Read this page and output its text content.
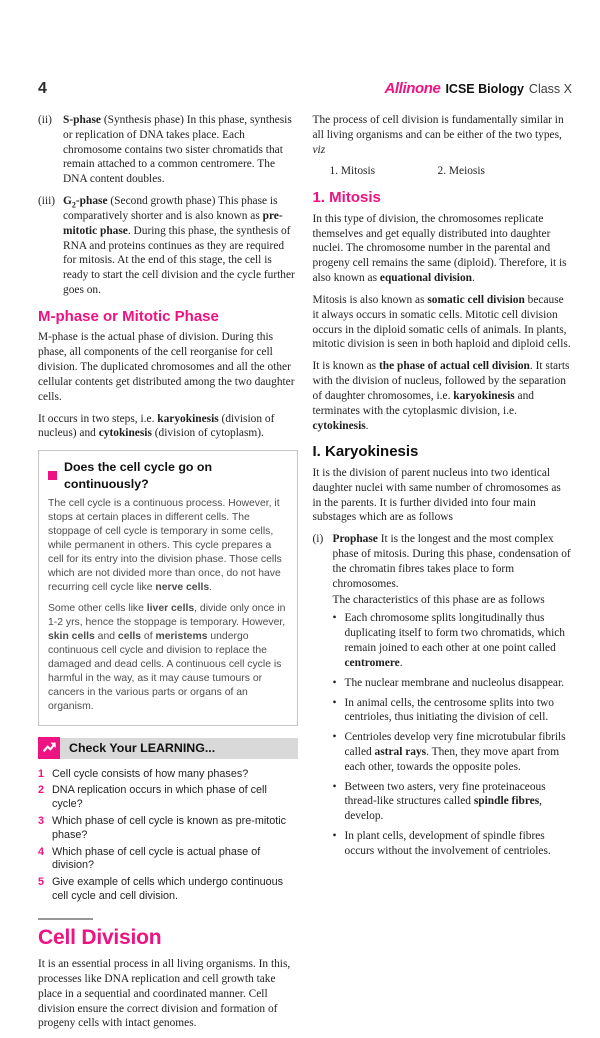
4	Allinone ICSE Biology Class X
(ii) S-phase (Synthesis phase) In this phase, synthesis or replication of DNA takes place. Each chromosome contains two sister chromatids that remain attached to a common centromere. The DNA content doubles.
(iii) $G_2$-phase (Second growth phase) This phase is comparatively shorter and is also known as pre-mitotic phase. During this phase, the synthesis of RNA and proteins continues as they are required for mitosis. At the end of this stage, the cell is ready to start the cell division and the cycle further goes on.
M-phase or Mitotic Phase

M-phase is the actual phase of division. During this phase, all components of the cell reorganise for cell division. The duplicated chromosomes and all the other cellular contents get distributed among the two daughter cells.

It occurs in two steps, i.e. karyokinesis (division of nucleus) and cytokinesis (division of cytoplasm).

Does the cell cycle go on continuously?

The cell cycle is a continuous process. However, it stops at certain places in different cells. The stoppage of cell cycle is temporary in some cells, while permanent in others. This cycle prepares a cell for its entry into the division phase. Those cells which are not divided more than once, do not have recurring cell cycle like nerve cells.

Some other cells like liver cells, divide only once in 1-2 yrs, hence the stoppage is temporary. However, skin cells and cells of meristems undergo continuous cell cycle and division to replace the damaged and dead cells. A continuous cell cycle is harmful in the way, as it may cause tumours or cancers in the various parts or organs of an organism.

Check Your LEARNING...
1 Cell cycle consists of how many phases?
2 DNA replication occurs in which phase of cell cycle?
3 Which phase of cell cycle is known as pre-mitotic phase?
4 Which phase of cell cycle is actual phase of division?
5 Give example of cells which undergo continuous cell cycle and cell division.
Cell Division

It is an essential process in all living organisms. In this, processes like DNA replication and cell growth take place in a sequential and coordinated manner. Cell division ensure the correct division and formation of progeny cells with intact genomes.

The process of cell division is fundamentally similar in all living organisms and can be either of the two types, viz

1. Mitosis	2. Meiosis
1. Mitosis

In this type of division, the chromosomes replicate themselves and get equally distributed into daughter nuclei. The chromosome number in the parental and progeny cell remains the same (diploid). Therefore, it is also known as equational division.

Mitosis is also known as somatic cell division because it always occurs in somatic cells. Mitotic cell division occurs in the diploid somatic cells of animals. In plants, mitotic division is seen in both haploid and diploid cells.

It is known as the phase of actual cell division. It starts with the division of nucleus, followed by the separation of daughter chromosomes, i.e. karyokinesis and terminates with the cytoplasmic division, i.e. cytokinesis.

I. Karyokinesis

It is the division of parent nucleus into two identical daughter nuclei with same number of chromosomes as in the parents. It is further divided into four main substages which are as follows

(i) Prophase It is the longest and the most complex phase of mitosis. During this phase, condensation of the chromatin fibres takes place to form chromosomes.
The characteristics of this phase are as follows
• Each chromosome splits longitudinally thus duplicating itself to form two chromatids, which remain joined to each other at one point called centromere.
• The nuclear membrane and nucleolus disappear.
• In animal cells, the centrosome splits into two centrioles, thus initiating the division of cell.
• Centrioles develop very fine microtubular fibrils called astral rays. Then, they move apart from each other, towards the opposite poles.
• Between two asters, very fine proteinaceous thread-like structures called spindle fibres, develop.
• In plant cells, development of spindle fibres occurs without the involvement of centrioles.
